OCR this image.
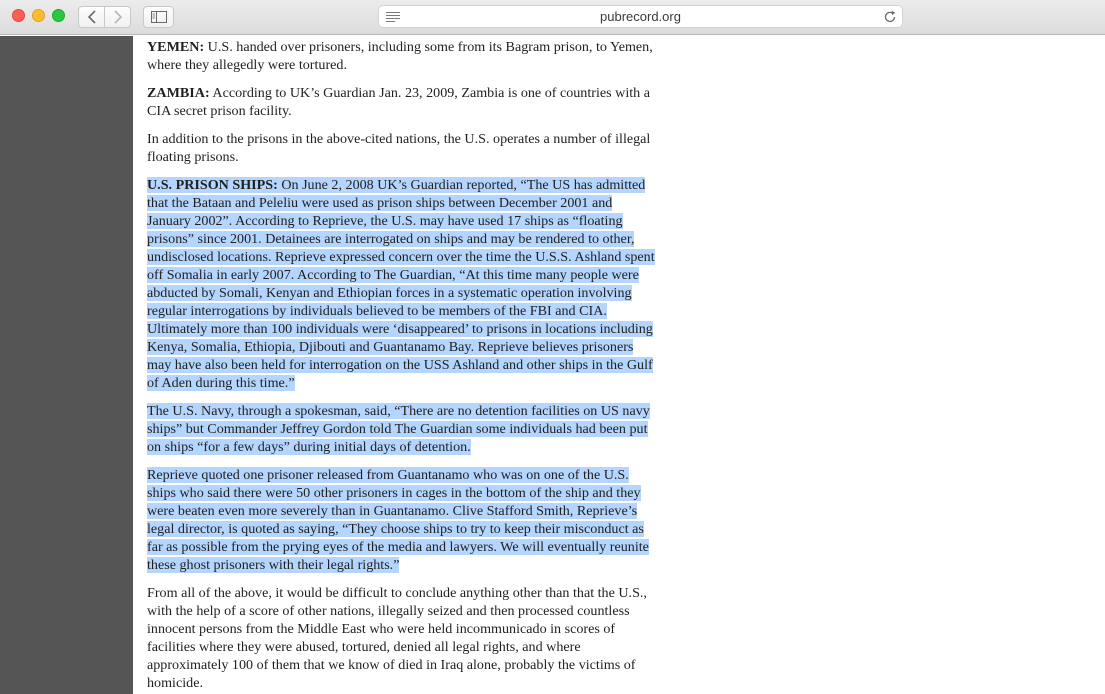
pubrecord.org

YEMEN: U.S. handed over prisoners, including some from its Bagram prison, to Yemen, where they allegedly were tortured.

ZAMBIA: According to UK’s Guardian Jan. 23, 2009, Zambia is one of countries with a CIA secret prison facility.

In addition to the prisons in the above-cited nations, the U.S. operates a number of illegal floating prisons.

U.S. PRISON SHIPS: On June 2, 2008 UK’s Guardian reported, “The US has admitted that the Bataan and Peleliu were used as prison ships between December 2001 and January 2002”. According to Reprieve, the U.S. may have used 17 ships as “floating prisons” since 2001. Detainees are interrogated on ships and may be rendered to other, undisclosed locations. Reprieve expressed concern over the time the U.S.S. Ashland spent off Somalia in early 2007. According to The Guardian, “At this time many people were abducted by Somali, Kenyan and Ethiopian forces in a systematic operation involving regular interrogations by individuals believed to be members of the FBI and CIA. Ultimately more than 100 individuals were ‘disappeared’ to prisons in locations including Kenya, Somalia, Ethiopia, Djibouti and Guantanamo Bay. Reprieve believes prisoners may have also been held for interrogation on the USS Ashland and other ships in the Gulf of Aden during this time.”

The U.S. Navy, through a spokesman, said, “There are no detention facilities on US navy ships” but Commander Jeffrey Gordon told The Guardian some individuals had been put on ships “for a few days” during initial days of detention.

Reprieve quoted one prisoner released from Guantanamo who was on one of the U.S. ships who said there were 50 other prisoners in cages in the bottom of the ship and they were beaten even more severely than in Guantanamo. Clive Stafford Smith, Reprieve’s legal director, is quoted as saying, “They choose ships to try to keep their misconduct as far as possible from the prying eyes of the media and lawyers. We will eventually reunite these ghost prisoners with their legal rights.”

From all of the above, it would be difficult to conclude anything other than that the U.S., with the help of a score of other nations, illegally seized and then processed countless innocent persons from the Middle East who were held incommunicado in scores of facilities where they were abused, tortured, denied all legal rights, and where approximately 100 of them that we know of died in Iraq alone, probably the victims of homicide.
